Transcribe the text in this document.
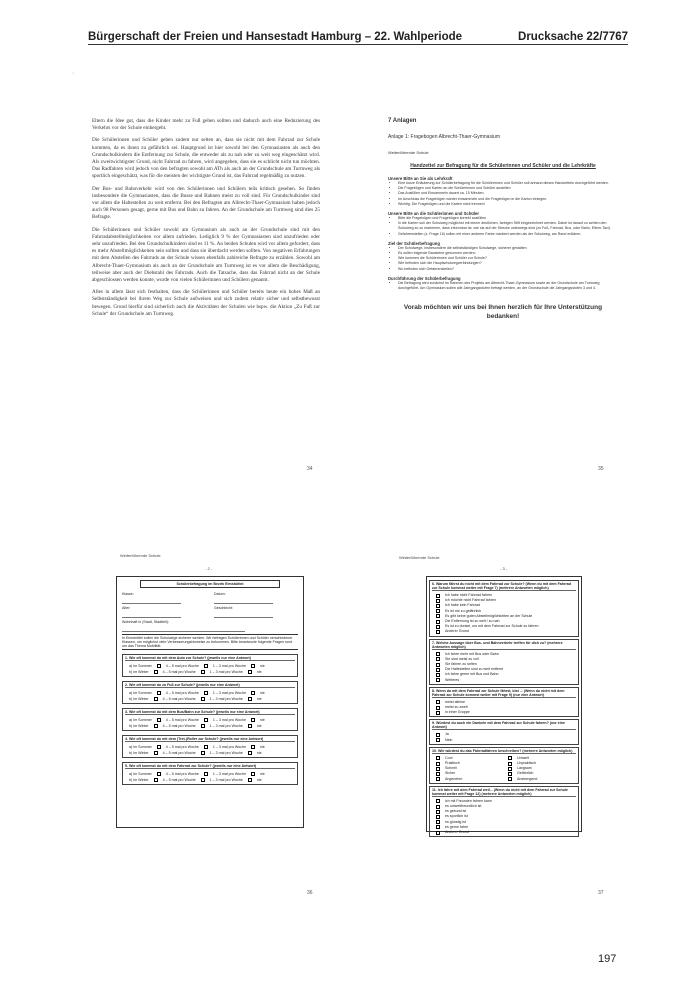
Bürgerschaft der Freien und Hansestadt Hamburg – 22. Wahlperiode	Drucksache 22/7767
·

Eltern die Idee gut, dass die Kinder mehr zu Fuß gehen sollten und dadurch auch eine Reduzierung des Verkehrs vor der Schule einhergeht.

Die Schülerinnen und Schüler geben zudem nur selten an, dass sie nicht mit dem Fahrrad zur Schule kommen, da es ihnen zu gefährlich sei. Hauptgrund ist hier sowohl bei den Gymnasiasten als auch den Grundschulkindern die Entfernung zur Schule, die entweder als zu nah oder zu weit weg eingeschätzt wird. Als zweitwichtigster Grund, nicht Fahrrad zu fahren, wird angegeben, dass sie es schlicht nicht tun möchten. Das Radfahren wird jedoch von den befragten sowohl am ATh als auch an der Grundschule am Turmweg als sportlich eingeschätzt, was für die meisten der wichtigste Grund ist, das Fahrrad regelmäßig zu nutzen.

Der Bus- und Bahnverkehr wird von den Schülerinnen und Schülern teils kritisch gesehen. So finden insbesondere die Gymnasiasten, dass die Busse und Bahnen meist zu voll sind. Für Grundschulkinder sind vor allem die Haltestellen zu weit entfernt. Bei den Befragten am Albrecht-Thaer-Gymnasium haben jedoch auch 98 Personen gesagt, gerne mit Bus und Bahn zu fahren. An der Grundschule am Turmweg sind dies 25 Befragte.

Die Schülerinnen und Schüler sowohl am Gymnasium als auch an der Grundschule sind mit den Fahrradabstellmöglichkeiten vor allem zufrieden. Lediglich 9 % der Gymnasiasten sind unzufrieden oder sehr unzufrieden. Bei den Grundschulkindern sind es 11 %. An beiden Schulen wird vor allem gefordert, dass es mehr Abstellmöglichkeiten sein sollten und dass sie überdacht werden sollten. Von negativen Erfahrungen mit dem Abstellen des Fahrrads an der Schule wissen ebenfalls zahlreiche Befragte zu erzählen. Sowohl am Albrecht-Thaer-Gymnasium als auch an der Grundschule am Turmweg ist es vor allem die Beschädigung, teilweise aber auch der Diebstahl des Fahrrads. Auch die Tatsache, dass das Fahrrad nicht an der Schule abgeschlossen werden konnte, wurde von vielen Schülerinnen und Schülern genannt.

Alles in allem lässt sich festhalten, dass die Schülerinnen und Schüler bereits heute ein hohes Maß an Selbstständigkeit bei ihrem Weg zur Schule aufweisen und sich zudem relativ sicher und selbstbewusst bewegen. Grund hierfür sind sicherlich auch die Aktivitäten der Schulen wie bspw. die Aktion „Zu Fuß zur Schule“ der Grundschule am Turmweg.

34
7 Anlagen
Anlage 1: Fragebogen Albrecht-Thaer-Gymnasium
Weiterführende Schule
Handzettel zur Befragung für die Schülerinnen und Schüler und die Lehrkräfte
Unsere Bitte an Sie als Lehrkraft
• Eine kurze Erläuterung zur Schülerbefragung für die Schülerinnen und Schüler soll anhand dieses Handzettels durchgeführt werden.
• Die Fragebögen und Karten an die Schülerinnen und Schüler austeilen
• Das Ausfüllen und Einsammeln dauert ca. 15 Minuten.
• Im Anschluss die Fragebögen wieder einsammeln und die Fragebögen in die Karton einlegen.
• Wichtig: Die Fragebögen und die Karten nicht trennen!
Unsere Bitte an die Schülerinnen und Schüler
• Bitte die Fragebögen und Fragebögen korrekt ausfüllen
• In die Karten soll der Schulweg möglichst mit einem deutlichen, farbigen Stift eingezeichnet werden. Dabei ist darauf zu achten den Schulweg so zu markieren, dass erkennbar ist, wie sie auf der Strecke unterwegs sind (zu Fuß, Fahrrad, Bus, oder Bahn, Eltern-Taxi).
• Gefahrenstellen (z. Frage 16) sollen mit einer anderen Farbe markiert werden als der Schulweg, am Rand erklären.
Ziel der Schülerbefragung
• Der Schulwege, insbesondere die selbstständigen Schulwege, sicherer gestalten
• Es sollen folgende Bausteine gewonnen werden:
• Wie kommen die Schülerinnen und Schüler zur Schule?
• Wie befinden sich die Hauptschulwegverbindungen?
• Wo befinden sich Gefahrenstellen?
Durchführung der Schülerbefragung
• Die Befragung wird zunächst im Rahmen des Projekts am Albrecht-Thaer-Gymnasium sowie an der Grundschule am Turmweg durchgeführt. Am Gymnasium sollen alle Jahrgangsstufen befragt werden, an der Grundschule die Jahrgangsstufen 3 und 4.
Vorab möchten wir uns bei Ihnen herzlich für Ihre Unterstützung bedanken!
35
Weiterführende Schule
- 2 -
Schülerbefragung im Bezirk Eimsbüttel
Klasse:	Datum:
Alter:	Geschlecht:
Wohnhaft in (Stadt, Stadtteil):
In Eimsbüttel sollen die Schulwege sicherer werden. Wir befragen Schülerinnen und Schüler verschiedener Klassen, um möglichst viele Verbesserungshinweise zu bekommen. Bitte beantworte folgende Fragen rund um das Thema Mobilität.
1. Wie oft kommst du mit dem Auto zur Schule? (jeweils nur eine Antwort)
a) Im Sommer	4 – 5 mal pro Woche	1 – 3 mal pro Woche	nie
b) Im Winter	4 – 5 mal pro Woche	1 – 3 mal pro Woche	nie
2. Wie oft kommst du zu Fuß zur Schule? (jeweils nur eine Antwort)
a) Im Sommer	4 – 5 mal pro Woche	1 – 3 mal pro Woche	nie
b) Im Winter	4 – 5 mal pro Woche	1 – 3 mal pro Woche	nie
3. Wie oft kommst du mit dem Bus/Bahn zur Schule? (jeweils nur eine Antwort)
a) Im Sommer	4 – 5 mal pro Woche	1 – 3 mal pro Woche	nie
b) Im Winter	4 – 5 mal pro Woche	1 – 3 mal pro Woche	nie
4. Wie oft kommst du mit dem (Tret-)Roller zur Schule? (jeweils nur eine Antwort)
a) Im Sommer	4 – 5 mal pro Woche	1 – 3 mal pro Woche	nie
b) Im Winter	4 – 5 mal pro Woche	1 – 3 mal pro Woche	nie
5. Wie oft kommst du mit dem Fahrrad zur Schule? (jeweils nur eine Antwort)
a) Im Sommer	4 – 5 mal pro Woche	1 – 3 mal pro Woche	nie
b) Im Winter	4 – 5 mal pro Woche	1 – 3 mal pro Woche	nie
36
Weiterführende Schule
- 3 -
6. Warum fährst du nicht mit dem Fahrrad zur Schule? (Wenn du mit dem Fahrrad zur Schule kommst weiter mit Frage 7) (mehrere Antworten möglich)
Ich habe nicht Fahrrad fahren
Ich möchte nicht Fahrrad fahren
Ich habe kein Fahrrad
Es ist mir zu gefährlich
Es gibt keine guten Abstellmöglichkeiten an der Schule
Die Entfernung ist zu weit / zu nah
Es ist zu dunkel, um mit dem Fahrrad zur Schule zu fahren
Anderer Grund
7. Welche Aussage über Bus- und Bahnverkehr treffen für dich zu? (mehrere Antworten möglich)
Ich fahre mehr mit Bus oder Bahn
Sie sind meist zu voll
Sie fahren zu selten
Die Haltestellen sind zu weit entfernt
Ich fahre gerne mit Bus und Bahn
Weiteres
8. Wenn du mit dem Fahrrad zur Schule fährst, bist ... (Wenn du nicht mit dem Fahrrad zur Schule kommst weiter mit Frage 9) (nur eine Antwort)
meist alleine
meist zu zweit
in einer Gruppe
9. Würdest du auch ein Dankeln mit dem Fahrrad zur Schule fahren? (nur eine Antwort)
Ja
Nein
10. Wie würdest du das Fahrradfahren beschreiben? (mehrere Antworten möglich)
Cool	Umwelt
Praktisch	Unpraktisch
Schnell	Langsam
Sicher	Gefährlich
Angenehm	Anstrengend
11. Ich fahre mit dem Fahrrad weil... (Wenn du nicht mit dem Fahrrad zur Schule kommst weiter mit Frage 12) (mehrere Antworten möglich)
ich mit Freunden fahren kann
es umweltfreundlich ist
es gesund ist
es sportlich ist
es günstig ist
es gerne fahre
Anderer Grund
37
197
